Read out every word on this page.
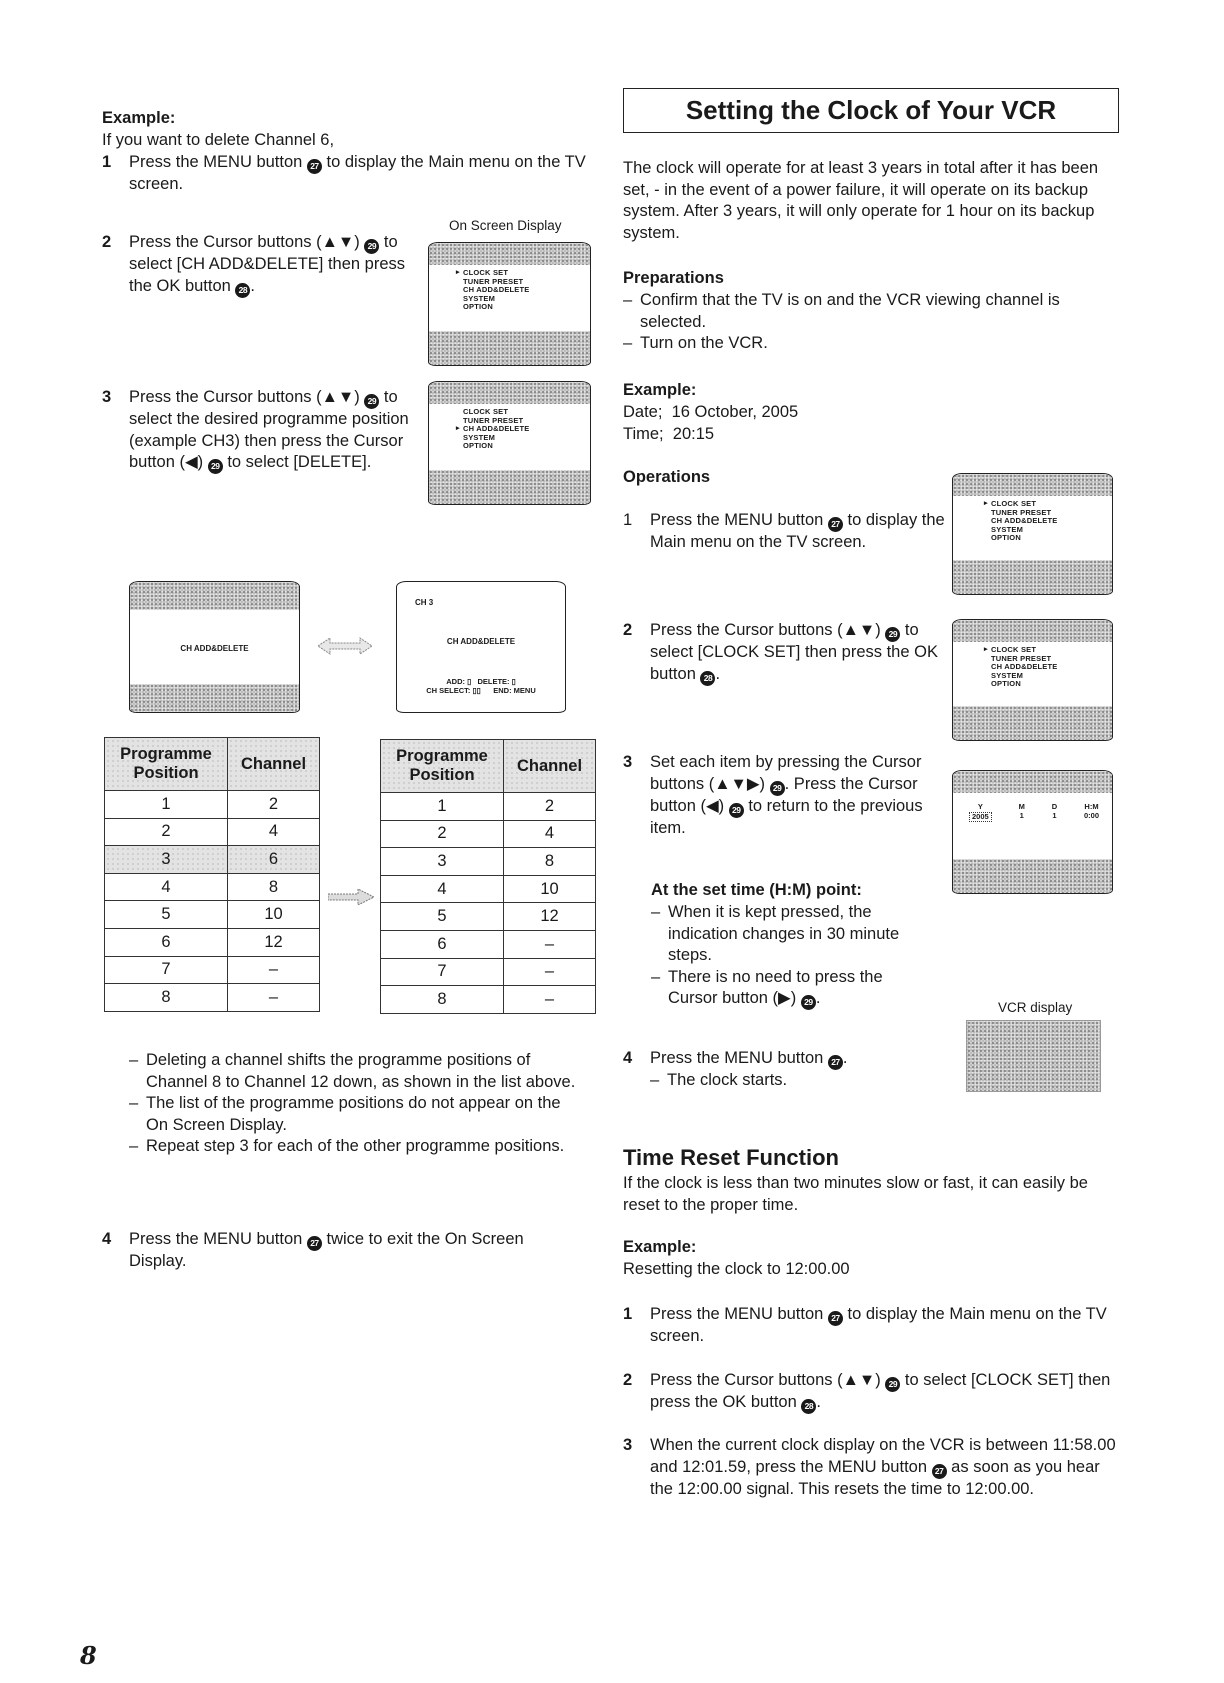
Example:
If you want to delete Channel 6,
1 Press the MENU button 27 to display the Main menu on the TV screen.
On Screen Display
2 Press the Cursor buttons (▲▼) 29 to select [CH ADD&DELETE] then press the OK button 28 .
▸ CLOCK SET
TUNER PRESET
CH ADD&DELETE
SYSTEM
OPTION
3 Press the Cursor buttons (▲▼) 29 to select the desired programme position (example CH3) then press the Cursor button (◀) 29 to select [DELETE].
CLOCK SET
TUNER PRESET
▸ CH ADD&DELETE
SYSTEM
OPTION
CH ADD&DELETE
CH 3
CH ADD&DELETE
ADD: ▯   DELETE: ▯
CH SELECT: ▯▯      END: MENU
Programme Position	Channel
1	2
2	4
3	6
4	8
5	10
6	12
7	–
8	–
Programme Position	Channel
1	2
2	4
3	8
4	10
5	12
6	–
7	–
8	–
– Deleting a channel shifts the programme positions of Channel 8 to Channel 12 down, as shown in the list above.
– The list of the programme positions do not appear on the On Screen Display.
– Repeat step 3 for each of the other programme positions.
4 Press the MENU button 27 twice to exit the On Screen Display.
Setting the Clock of Your VCR
The clock will operate for at least 3 years in total after it has been set, - in the event of a power failure, it will operate on its backup system. After 3 years, it will only operate for 1 hour on its backup system.
Preparations
– Confirm that the TV is on and the VCR viewing channel is selected.
– Turn on the VCR.
Example:
Date;  16 October, 2005
Time;  20:15
Operations
1 Press the MENU button 27 to display the Main menu on the TV screen.
▸ CLOCK SET
TUNER PRESET
CH ADD&DELETE
SYSTEM
OPTION
2 Press the Cursor buttons (▲▼) 29 to select [CLOCK SET] then press the OK button 28 .
▸ CLOCK SET
TUNER PRESET
CH ADD&DELETE
SYSTEM
OPTION
3 Set each item by pressing the Cursor buttons (▲▼▶) 29 . Press the Cursor button (◀) 29 to return to the previous item.
Y
2005
M
1
D
1
H:M
0:00
At the set time (H:M) point:
– When it is kept pressed, the indication changes in 30 minute steps.
– There is no need to press the Cursor button (▶) 29 .
VCR display
4 Press the MENU button 27 .
– The clock starts.
Time Reset Function
If the clock is less than two minutes slow or fast, it can easily be reset to the proper time.
Example:
Resetting the clock to 12:00.00
1 Press the MENU button 27 to display the Main menu on the TV screen.
2 Press the Cursor buttons (▲▼) 29 to select [CLOCK SET] then press the OK button 28 .
3 When the current clock display on the VCR is between 11:58.00 and 12:01.59, press the MENU button 27 as soon as you hear the 12:00.00 signal. This resets the time to 12:00.00.
8
